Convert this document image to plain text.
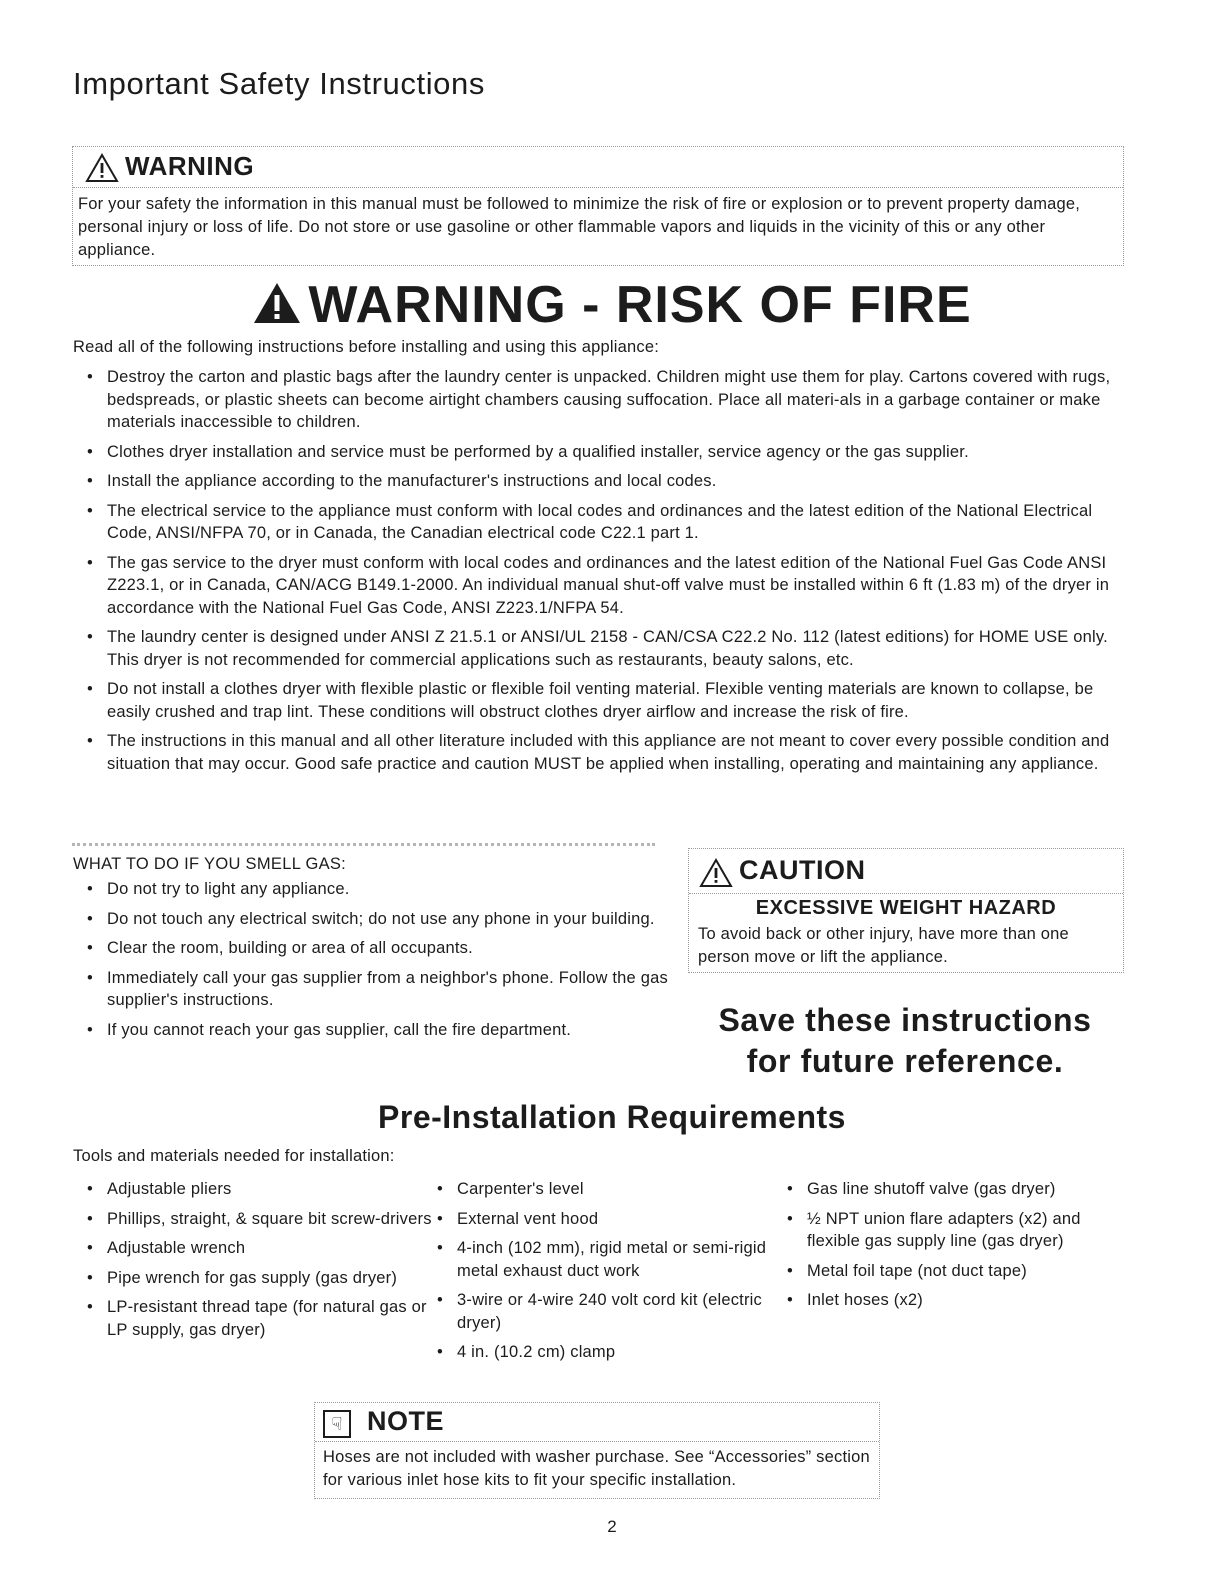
Important Safety Instructions
WARNING
For your safety the information in this manual must be followed to minimize the risk of fire or explosion or to prevent property damage, personal injury or loss of life. Do not store or use gasoline or other flammable vapors and liquids in the vicinity of this or any other appliance.
WARNING - RISK OF FIRE
Read all of the following instructions before installing and using this appliance:
• Destroy the carton and plastic bags after the laundry center is unpacked. Children might use them for play. Cartons covered with rugs, bedspreads, or plastic sheets can become airtight chambers causing suffocation. Place all materi-als in a garbage container or make materials inaccessible to children.
• Clothes dryer installation and service must be performed by a qualified installer, service agency or the gas supplier.
• Install the appliance according to the manufacturer's instructions and local codes.
• The electrical service to the appliance must conform with local codes and ordinances and the latest edition of the National Electrical Code, ANSI/NFPA 70, or in Canada, the Canadian electrical code C22.1 part 1.
• The gas service to the dryer must conform with local codes and ordinances and the latest edition of the National Fuel Gas Code ANSI Z223.1, or in Canada, CAN/ACG B149.1-2000. An individual manual shut-off valve must be installed within 6 ft (1.83 m) of the dryer in accordance with the National Fuel Gas Code, ANSI Z223.1/NFPA 54.
• The laundry center is designed under ANSI Z 21.5.1 or ANSI/UL 2158 - CAN/CSA C22.2 No. 112 (latest editions) for HOME USE only. This dryer is not recommended for commercial applications such as restaurants, beauty salons, etc.
• Do not install a clothes dryer with flexible plastic or flexible foil venting material. Flexible venting materials are known to collapse, be easily crushed and trap lint. These conditions will obstruct clothes dryer airflow and increase the risk of fire.
• The instructions in this manual and all other literature included with this appliance are not meant to cover every possible condition and situation that may occur. Good safe practice and caution MUST be applied when installing, operating and maintaining any appliance.
WHAT TO DO IF YOU SMELL GAS:
• Do not try to light any appliance.
• Do not touch any electrical switch; do not use any phone in your building.
• Clear the room, building or area of all occupants.
• Immediately call your gas supplier from a neighbor's phone. Follow the gas supplier's instructions.
• If you cannot reach your gas supplier, call the fire department.
CAUTION
EXCESSIVE WEIGHT HAZARD
To avoid back or other injury, have more than one person move or lift the appliance.
Save these instructions
for future reference.
Pre-Installation Requirements
Tools and materials needed for installation:
• Adjustable pliers
• Phillips, straight, & square bit screw-drivers
• Adjustable wrench
• Pipe wrench for gas supply (gas dryer)
• LP-resistant thread tape (for natural gas or LP supply, gas dryer)
• Carpenter's level
• External vent hood
• 4-inch (102 mm), rigid metal or semi-rigid metal exhaust duct work
• 3-wire or 4-wire 240 volt cord kit (electric dryer)
• 4 in. (10.2 cm) clamp
• Gas line shutoff valve (gas dryer)
• ½ NPT union flare adapters (x2) and flexible gas supply line (gas dryer)
• Metal foil tape (not duct tape)
• Inlet hoses (x2)
☟ NOTE
Hoses are not included with washer purchase. See “Accessories” section for various inlet hose kits to fit your specific installation.
2
